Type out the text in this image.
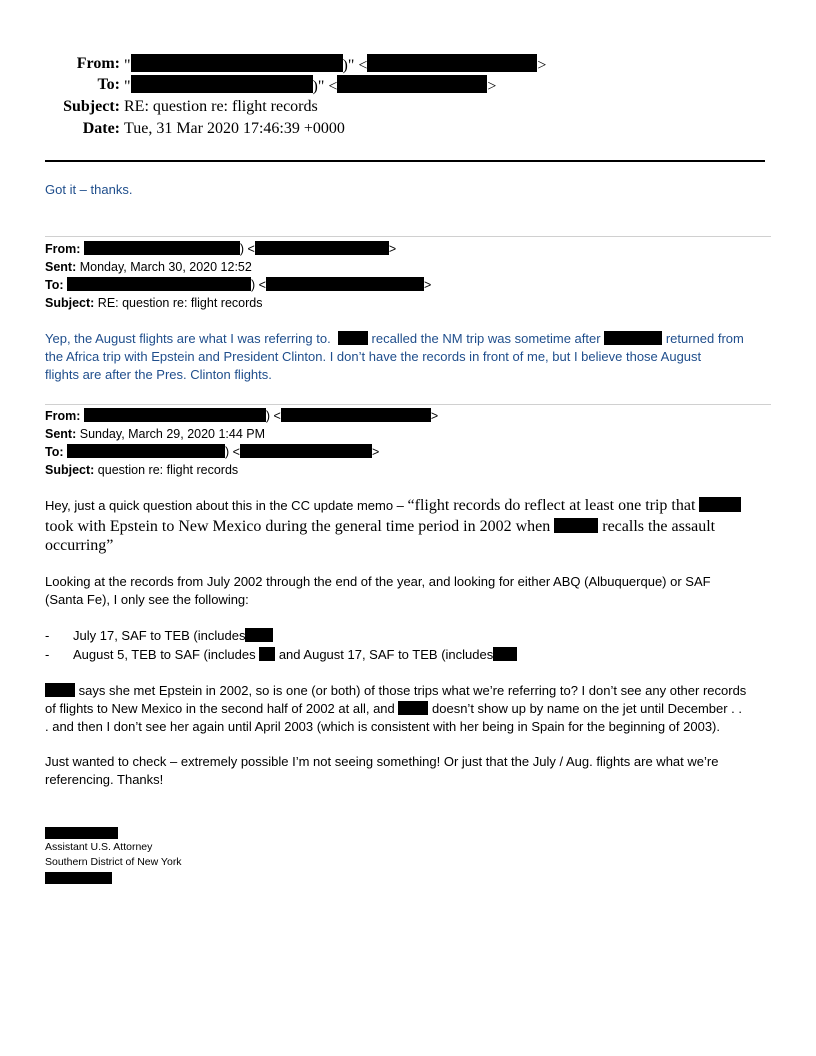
From: "	)" <	>
To: "	)" <	>
Subject: RE: question re: flight records
Date: Tue, 31 Mar 2020 17:46:39 +0000
Got it – thanks.
From:	) <	>
Sent: Monday, March 30, 2020 12:52
To:	) <	>
Subject: RE: question re: flight records
Yep, the August flights are what I was referring to.	recalled the NM trip was sometime after	returned from
the Africa trip with Epstein and President Clinton. I don’t have the records in front of me, but I believe those August
flights are after the Pres. Clinton flights.
From:	) <	>
Sent: Sunday, March 29, 2020 1:44 PM
To:	) <	>
Subject: question re: flight records
Hey, just a quick question about this in the CC update memo – “flight records do reflect at least one trip that
took with Epstein to New Mexico during the general time period in 2002 when	recalls the assault
occurring”
Looking at the records from July 2002 through the end of the year, and looking for either ABQ (Albuquerque) or SAF
(Santa Fe), I only see the following:
- July 17, SAF to TEB (includes
- August 5, TEB to SAF (includes and August 17, SAF to TEB (includes
says she met Epstein in 2002, so is one (or both) of those trips what we’re referring to? I don’t see any other records
of flights to New Mexico in the second half of 2002 at all, and	doesn’t show up by name on the jet until December . .
. and then I don’t see her again until April 2003 (which is consistent with her being in Spain for the beginning of 2003).
Just wanted to check – extremely possible I’m not seeing something! Or just that the July / Aug. flights are what we’re
referencing. Thanks!
Assistant U.S. Attorney
Southern District of New York
